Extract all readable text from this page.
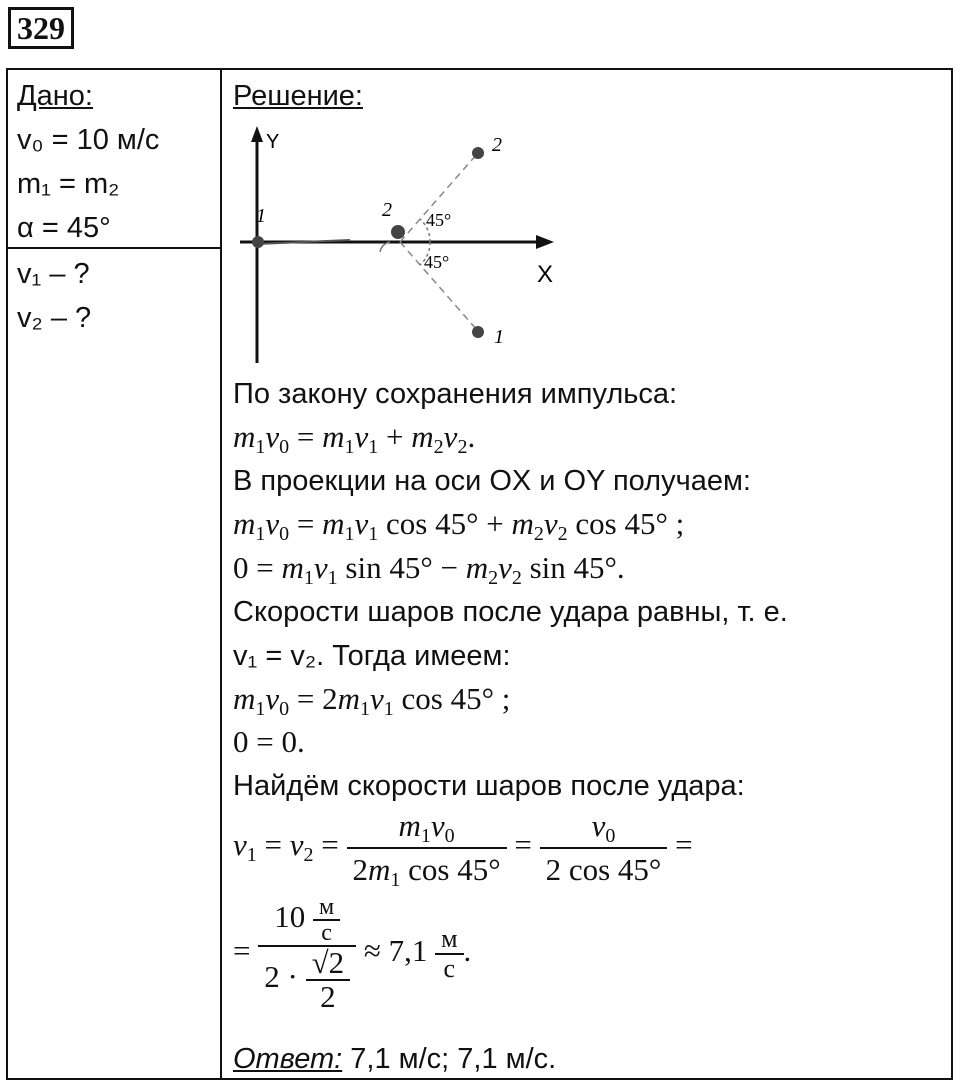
329
Дано:
v₀ = 10 м/с
m₁ = m₂
α = 45°
v₁ – ?
v₂ – ?
Решение:
Y
X
1	2 45°
45°
2
1
По закону сохранения импульса:
$m_1v_0 = m_1v_1 + m_2v_2$.
В проекции на оси OX и OY получаем:
$m_1v_0 = m_1v_1$ $\cos 45^\circ + m_2v_2$ cos 45° ;
$0 = m_1v_1$ $\sin 45^\circ - m_2v_2$ sin 45°.
Скорости шаров после удара равны, т. е.
v₁ = v₂. Тогда имеем:
$m_1v_0 = 2m_1v_1$ cos 45° ;
0 = 0.
Найдём скорости шаров после удара:
$v_1 = v_2 = \frac{m_1v_0}{2m_1 \cos 45^\circ} = \frac{v_0}{2 \cos 45^\circ}$ =
= $\frac{10 \frac{м}{с}}{2 \cdot \frac{√2}{2}} \approx 7,1 \frac{м}{с}$ .
Ответ: 7,1 м/с; 7,1 м/с.
